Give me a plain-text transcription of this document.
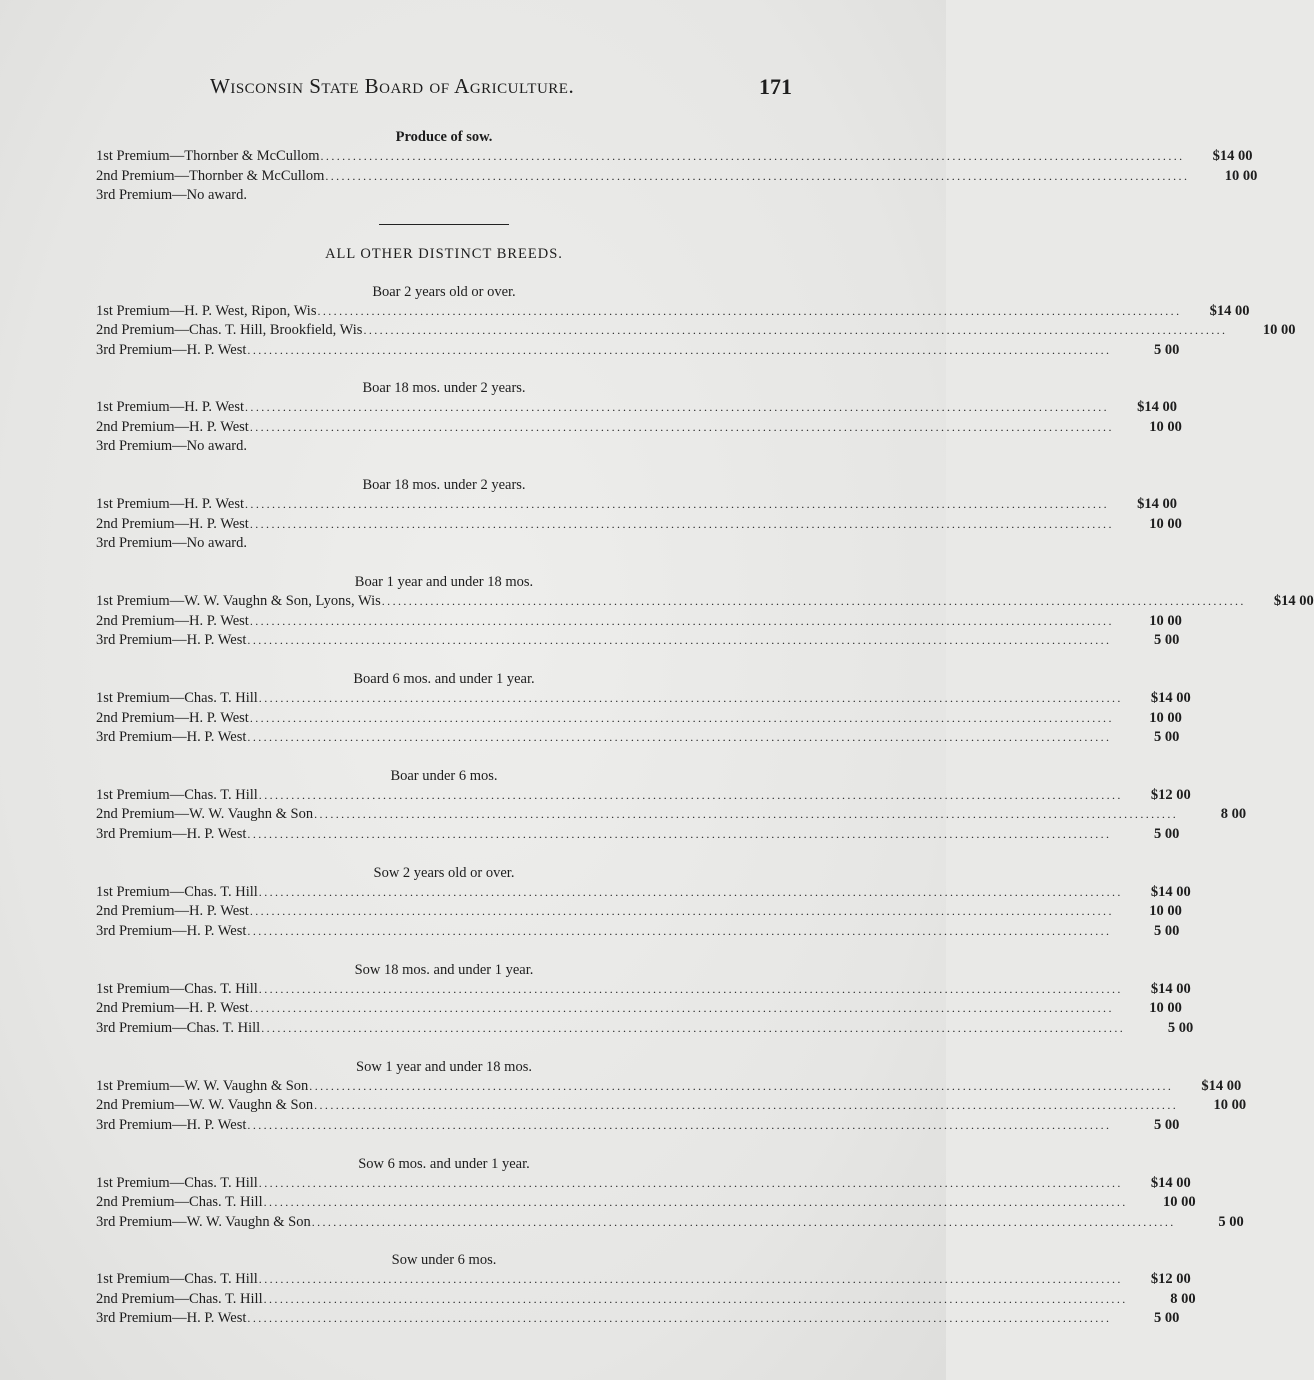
Wisconsin State Board of Agriculture.	171
Produce of sow.
1st Premium—Thornber & McCullom ................................................................................................................................................................	$14 00
2nd Premium—Thornber & McCullom ................................................................................................................................................................	10 00
3rd Premium—No award.
ALL OTHER DISTINCT BREEDS.
Boar 2 years old or over.
1st Premium—H. P. West, Ripon, Wis ................................................................................................................................................................	$14 00
2nd Premium—Chas. T. Hill, Brookfield, Wis ................................................................................................................................................................	10 00
3rd Premium—H. P. West ................................................................................................................................................................	5 00
Boar 18 mos. under 2 years.
1st Premium—H. P. West ................................................................................................................................................................	$14 00
2nd Premium—H. P. West ................................................................................................................................................................	10 00
3rd Premium—No award.
Boar 18 mos. under 2 years.
1st Premium—H. P. West ................................................................................................................................................................	$14 00
2nd Premium—H. P. West ................................................................................................................................................................	10 00
3rd Premium—No award.
Boar 1 year and under 18 mos.
1st Premium—W. W. Vaughn & Son, Lyons, Wis ................................................................................................................................................................	$14 00
2nd Premium—H. P. West ................................................................................................................................................................	10 00
3rd Premium—H. P. West ................................................................................................................................................................	5 00
Board 6 mos. and under 1 year.
1st Premium—Chas. T. Hill ................................................................................................................................................................	$14 00
2nd Premium—H. P. West ................................................................................................................................................................	10 00
3rd Premium—H. P. West ................................................................................................................................................................	5 00
Boar under 6 mos.
1st Premium—Chas. T. Hill ................................................................................................................................................................	$12 00
2nd Premium—W. W. Vaughn & Son ................................................................................................................................................................	8 00
3rd Premium—H. P. West ................................................................................................................................................................	5 00
Sow 2 years old or over.
1st Premium—Chas. T. Hill ................................................................................................................................................................	$14 00
2nd Premium—H. P. West ................................................................................................................................................................	10 00
3rd Premium—H. P. West ................................................................................................................................................................	5 00
Sow 18 mos. and under 1 year.
1st Premium—Chas. T. Hill ................................................................................................................................................................	$14 00
2nd Premium—H. P. West ................................................................................................................................................................	10 00
3rd Premium—Chas. T. Hill ................................................................................................................................................................	5 00
Sow 1 year and under 18 mos.
1st Premium—W. W. Vaughn & Son ................................................................................................................................................................	$14 00
2nd Premium—W. W. Vaughn & Son ................................................................................................................................................................	10 00
3rd Premium—H. P. West ................................................................................................................................................................	5 00
Sow 6 mos. and under 1 year.
1st Premium—Chas. T. Hill ................................................................................................................................................................	$14 00
2nd Premium—Chas. T. Hill ................................................................................................................................................................	10 00
3rd Premium—W. W. Vaughn & Son ................................................................................................................................................................	5 00
Sow under 6 mos.
1st Premium—Chas. T. Hill ................................................................................................................................................................	$12 00
2nd Premium—Chas. T. Hill ................................................................................................................................................................	8 00
3rd Premium—H. P. West ................................................................................................................................................................	5 00
